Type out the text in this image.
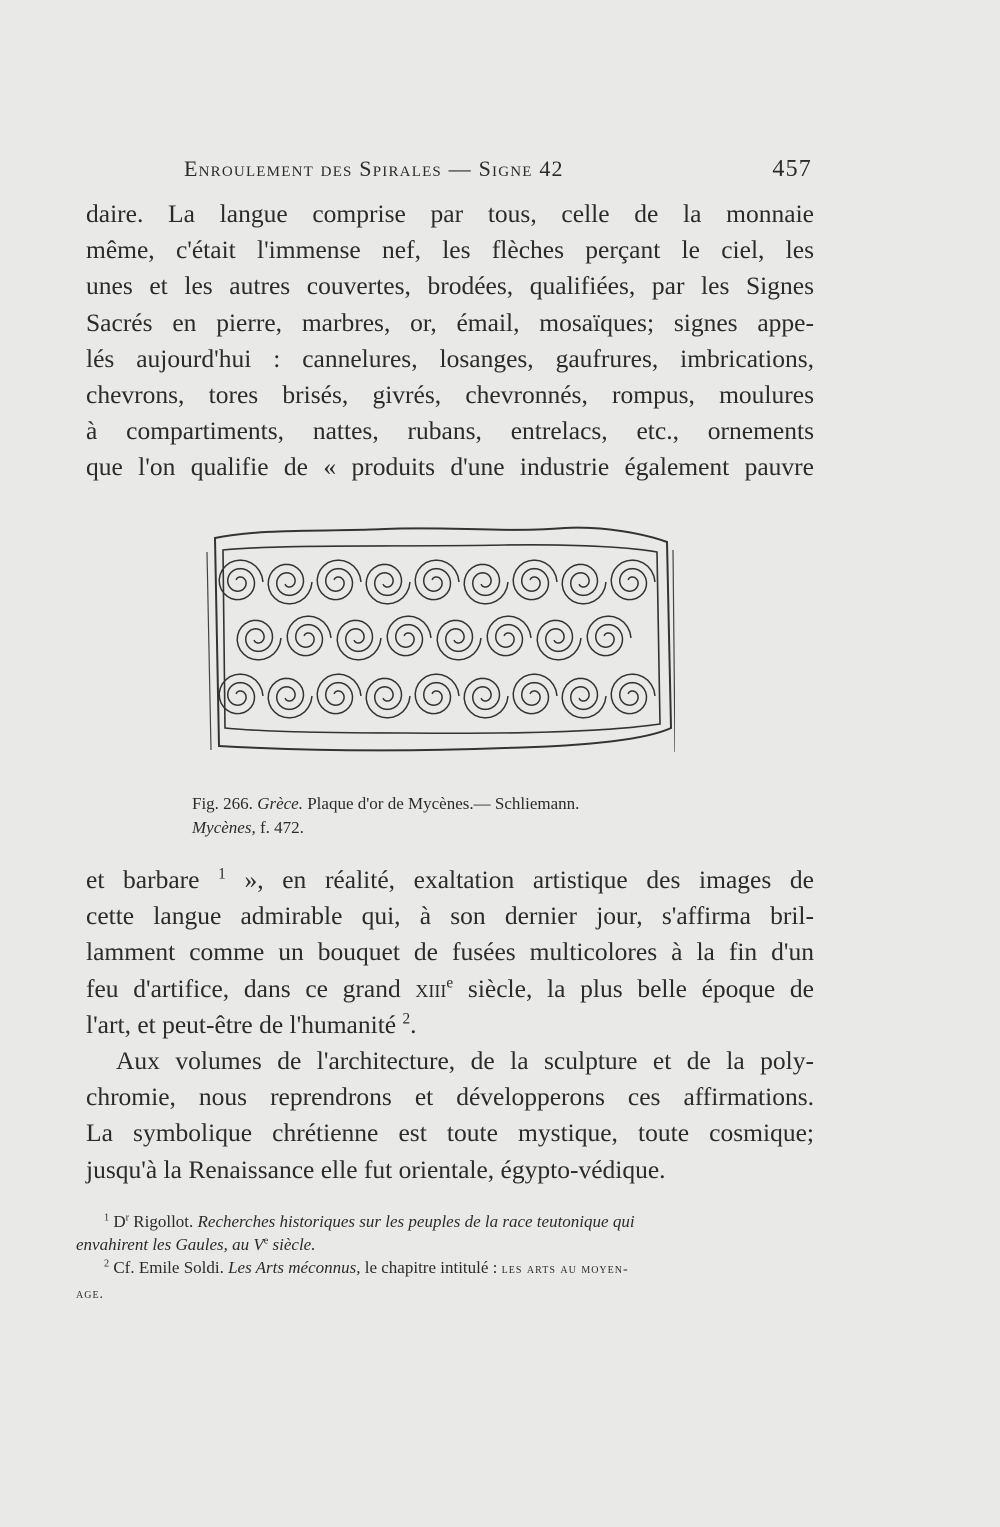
Enroulement des Spirales — Signe 42	457
daire. La langue comprise par tous, celle de la monnaie
même, c'était l'immense nef, les flèches perçant le ciel, les
unes et les autres couvertes, brodées, qualifiées, par les Signes
Sacrés en pierre, marbres, or, émail, mosaïques; signes appe-
lés aujourd'hui : cannelures, losanges, gaufrures, imbrications,
chevrons, tores brisés, givrés, chevronnés, rompus, moulures
à compartiments, nattes, rubans, entrelacs, etc., ornements
que l'on qualifie de « produits d'une industrie également pauvre
Fig. 266. Grèce. Plaque d'or de Mycènes.— Schliemann.
Mycènes, f. 472.
et barbare $^1$ », en réalité, exaltation artistique des images de
cette langue admirable qui, à son dernier jour, s'affirma bril-
lamment comme un bouquet de fusées multicolores à la fin d'un
feu d'artifice, dans ce grand xiii$^e$ siècle, la plus belle époque de
l'art, et peut-être de l'humanité $^2$.
Aux volumes de l'architecture, de la sculpture et de la poly-
chromie, nous reprendrons et développerons ces affirmations.
La symbolique chrétienne est toute mystique, toute cosmique;
jusqu'à la Renaissance elle fut orientale, égypto-védique.
$^1$ $D^r$ Rigollot. Recherches historiques sur les peuples de la race teutonique qui
envahirent les Gaules, au Ve siècle.
$^2$ Cf. Emile Soldi. Les Arts méconnus, le chapitre intitulé : les arts au moyen-
age.
